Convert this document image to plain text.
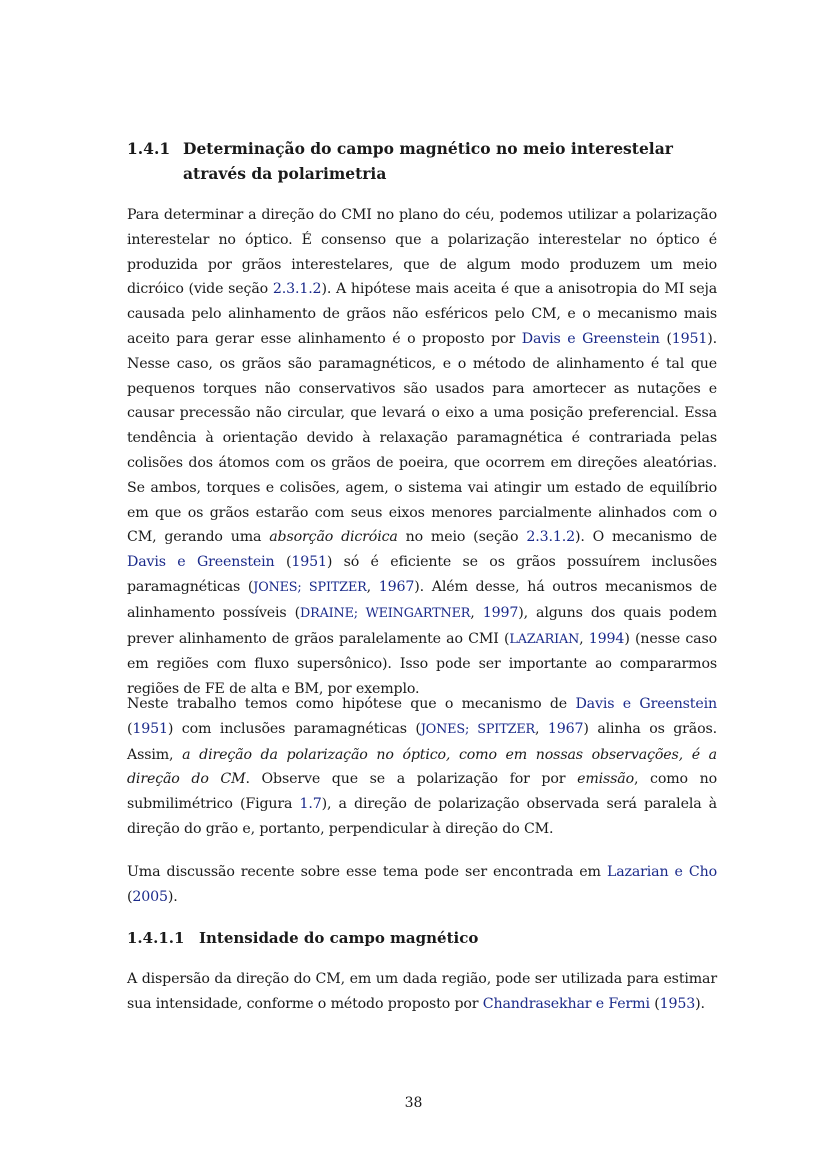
1.4.1 Determinação do campo magnético no meio interestelar através da polarimetria
Para determinar a direção do CMI no plano do céu, podemos utilizar a polarização interestelar no óptico. É consenso que a polarização interestelar no óptico é produzida por grãos interestelares, que de algum modo produzem um meio dicróico (vide seção 2.3.1.2). A hipótese mais aceita é que a anisotropia do MI seja causada pelo alinhamento de grãos não esféricos pelo CM, e o mecanismo mais aceito para gerar esse alinhamento é o proposto por Davis e Greenstein (1951). Nesse caso, os grãos são paramagnéticos, e o método de alinhamento é tal que pequenos torques não conservativos são usados para amortecer as nutações e causar precessão não circular, que levará o eixo a uma posição preferencial. Essa tendência à orientação devido à relaxação paramagnética é contrariada pelas colisões dos átomos com os grãos de poeira, que ocorrem em direções aleatórias. Se ambos, torques e colisões, agem, o sistema vai atingir um estado de equilíbrio em que os grãos estarão com seus eixos menores parcialmente alinhados com o CM, gerando uma absorção dicróica no meio (seção 2.3.1.2). O mecanismo de Davis e Greenstein (1951) só é eficiente se os grãos possuírem inclusões paramagnéticas (JONES; SPITZER, 1967). Além desse, há outros mecanismos de alinhamento possíveis (DRAINE; WEINGARTNER, 1997), alguns dos quais podem prever alinhamento de grãos paralelamente ao CMI (LAZARIAN, 1994) (nesse caso em regiões com fluxo supersônico). Isso pode ser importante ao compararmos regiões de FE de alta e BM, por exemplo.
Neste trabalho temos como hipótese que o mecanismo de Davis e Greenstein (1951) com inclusões paramagnéticas (JONES; SPITZER, 1967) alinha os grãos. Assim, a direção da polarização no óptico, como em nossas observações, é a direção do CM. Observe que se a polarização for por emissão, como no submilimétrico (Figura 1.7), a direção de polarização observada será paralela à direção do grão e, portanto, perpendicular à direção do CM.
Uma discussão recente sobre esse tema pode ser encontrada em Lazarian e Cho (2005).
1.4.1.1 Intensidade do campo magnético
A dispersão da direção do CM, em um dada região, pode ser utilizada para estimar sua intensidade, conforme o método proposto por Chandrasekhar e Fermi (1953).
38
